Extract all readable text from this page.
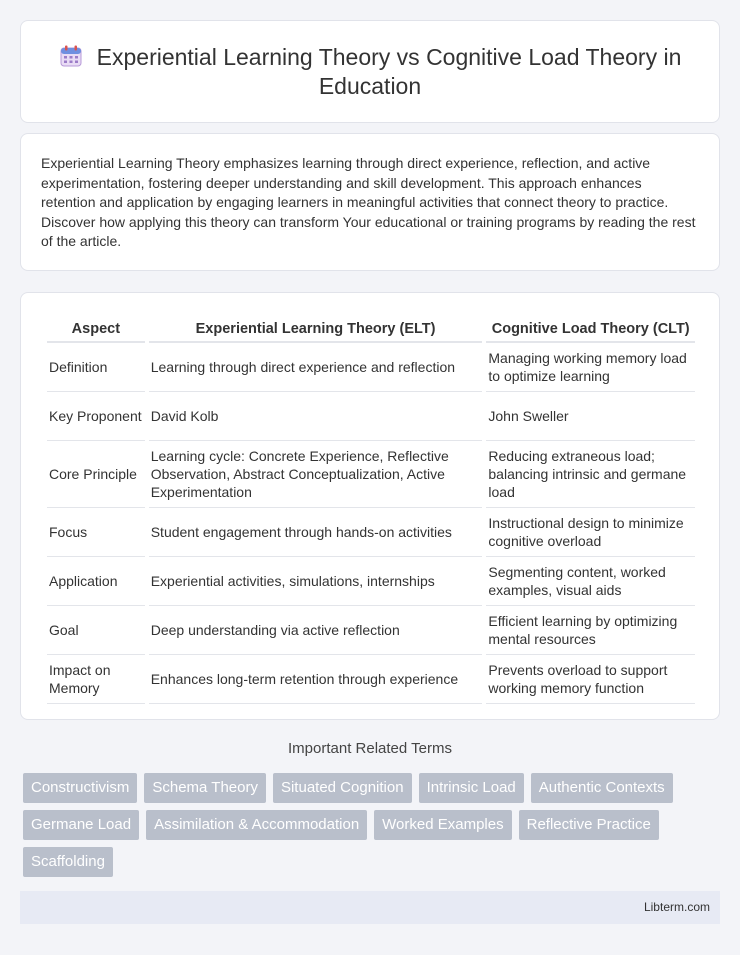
Experiential Learning Theory vs Cognitive Load Theory in
Education

Experiential Learning Theory emphasizes learning through direct experience, reflection, and active experimentation, fostering deeper understanding and skill development. This approach enhances retention and application by engaging learners in meaningful activities that connect theory to practice. Discover how applying this theory can transform Your educational or training programs by reading the rest of the article.

Aspect	Experiential Learning Theory (ELT)	Cognitive Load Theory (CLT)
Definition	Learning through direct experience and reflection	Managing working memory load to optimize learning
Key Proponent	David Kolb	John Sweller
Core Principle	Learning cycle: Concrete Experience, Reflective Observation, Abstract Conceptualization, Active Experimentation	Reducing extraneous load; balancing intrinsic and germane load
Focus	Student engagement through hands-on activities	Instructional design to minimize cognitive overload
Application	Experiential activities, simulations, internships	Segmenting content, worked examples, visual aids
Goal	Deep understanding via active reflection	Efficient learning by optimizing mental resources
Impact on Memory	Enhances long-term retention through experience	Prevents overload to support working memory function
Important Related Terms
Constructivism	Schema Theory	Situated Cognition	Intrinsic Load	Authentic Contexts
Germane Load	Assimilation & Accommodation	Worked Examples	Reflective Practice
Scaffolding
Libterm.com
